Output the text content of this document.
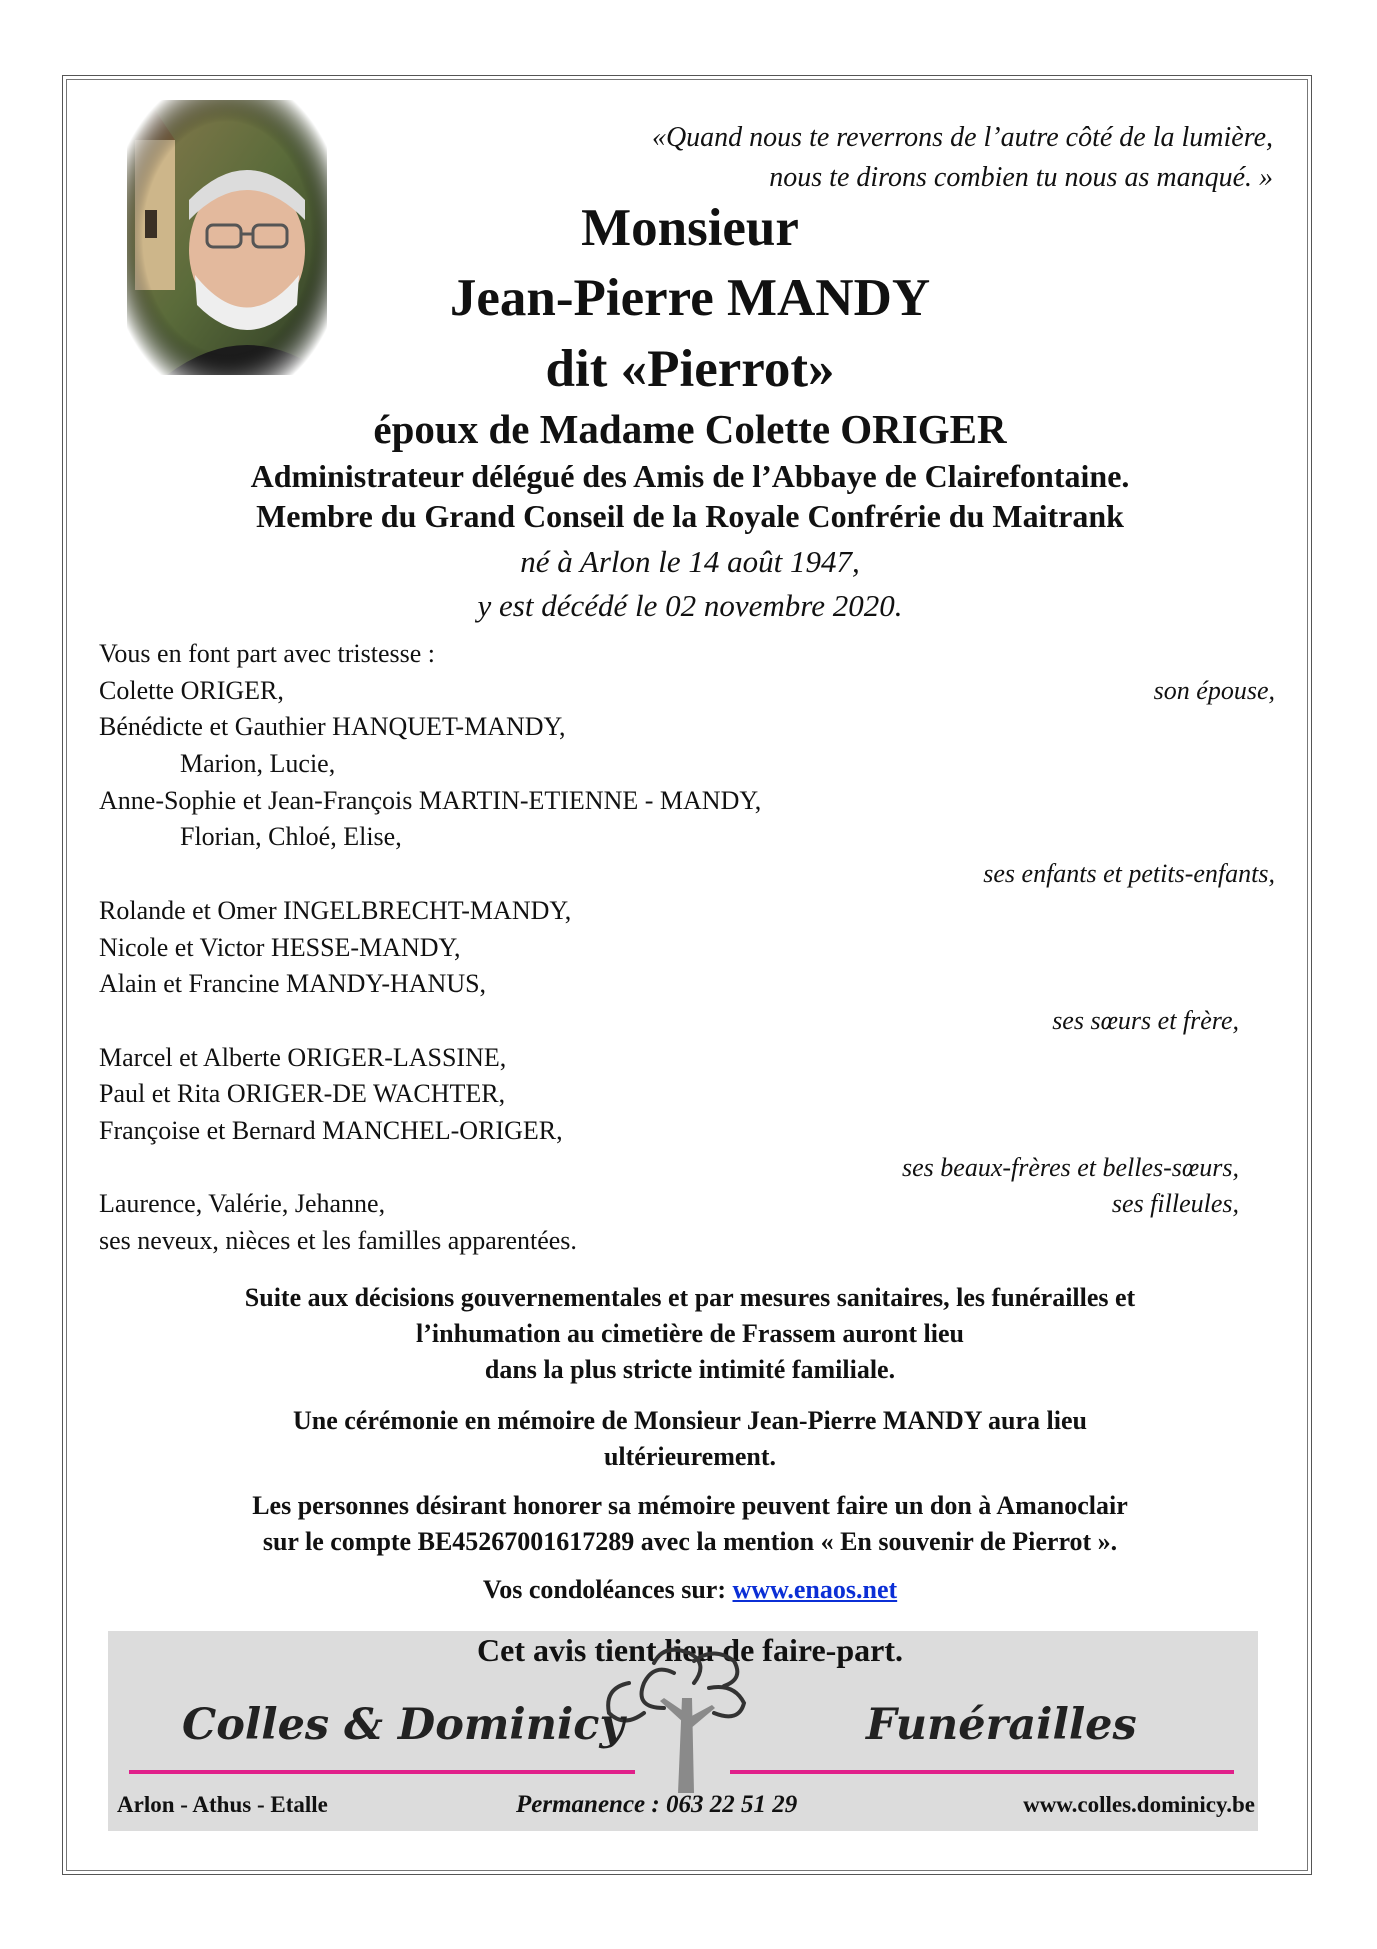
«Quand nous te reverrons de l’autre côté de la lumière,
nous te dirons combien tu nous as manqué. »
Monsieur
Jean-Pierre MANDY
dit «Pierrot»
époux de Madame Colette ORIGER
Administrateur délégué des Amis de l’Abbaye de Clairefontaine.
Membre du Grand Conseil de la Royale Confrérie du Maitrank
né à Arlon le 14 août 1947,
y est décédé le 02 novembre 2020.
Vous en font part avec tristesse :
Colette ORIGER,	son épouse,
Bénédicte et Gauthier HANQUET-MANDY,
Marion, Lucie,
Anne-Sophie et Jean-François MARTIN-ETIENNE - MANDY,
Florian, Chloé, Elise,
ses enfants et petits-enfants,
Rolande et Omer INGELBRECHT-MANDY,
Nicole et Victor HESSE-MANDY,
Alain et Francine MANDY-HANUS,
ses sœurs et frère,
Marcel et Alberte ORIGER-LASSINE,
Paul et Rita ORIGER-DE WACHTER,
Françoise et Bernard MANCHEL-ORIGER,
ses beaux-frères et belles-sœurs,
Laurence, Valérie, Jehanne,	ses filleules,
ses neveux, nièces et les familles apparentées.
Suite aux décisions gouvernementales et par mesures sanitaires, les funérailles et
l’inhumation au cimetière de Frassem auront lieu
dans la plus stricte intimité familiale.
Une cérémonie en mémoire de Monsieur Jean-Pierre MANDY aura lieu
ultérieurement.
Les personnes désirant honorer sa mémoire peuvent faire un don à Amanoclair
sur le compte BE45267001617289 avec la mention « En souvenir de Pierrot ».
Vos condoléances sur: www.enaos.net
Cet avis tient lieu de faire-part.
Colles & Dominicy	Funérailles
Arlon - Athus - Etalle	Permanence : 063 22 51 29	www.colles.dominicy.be
